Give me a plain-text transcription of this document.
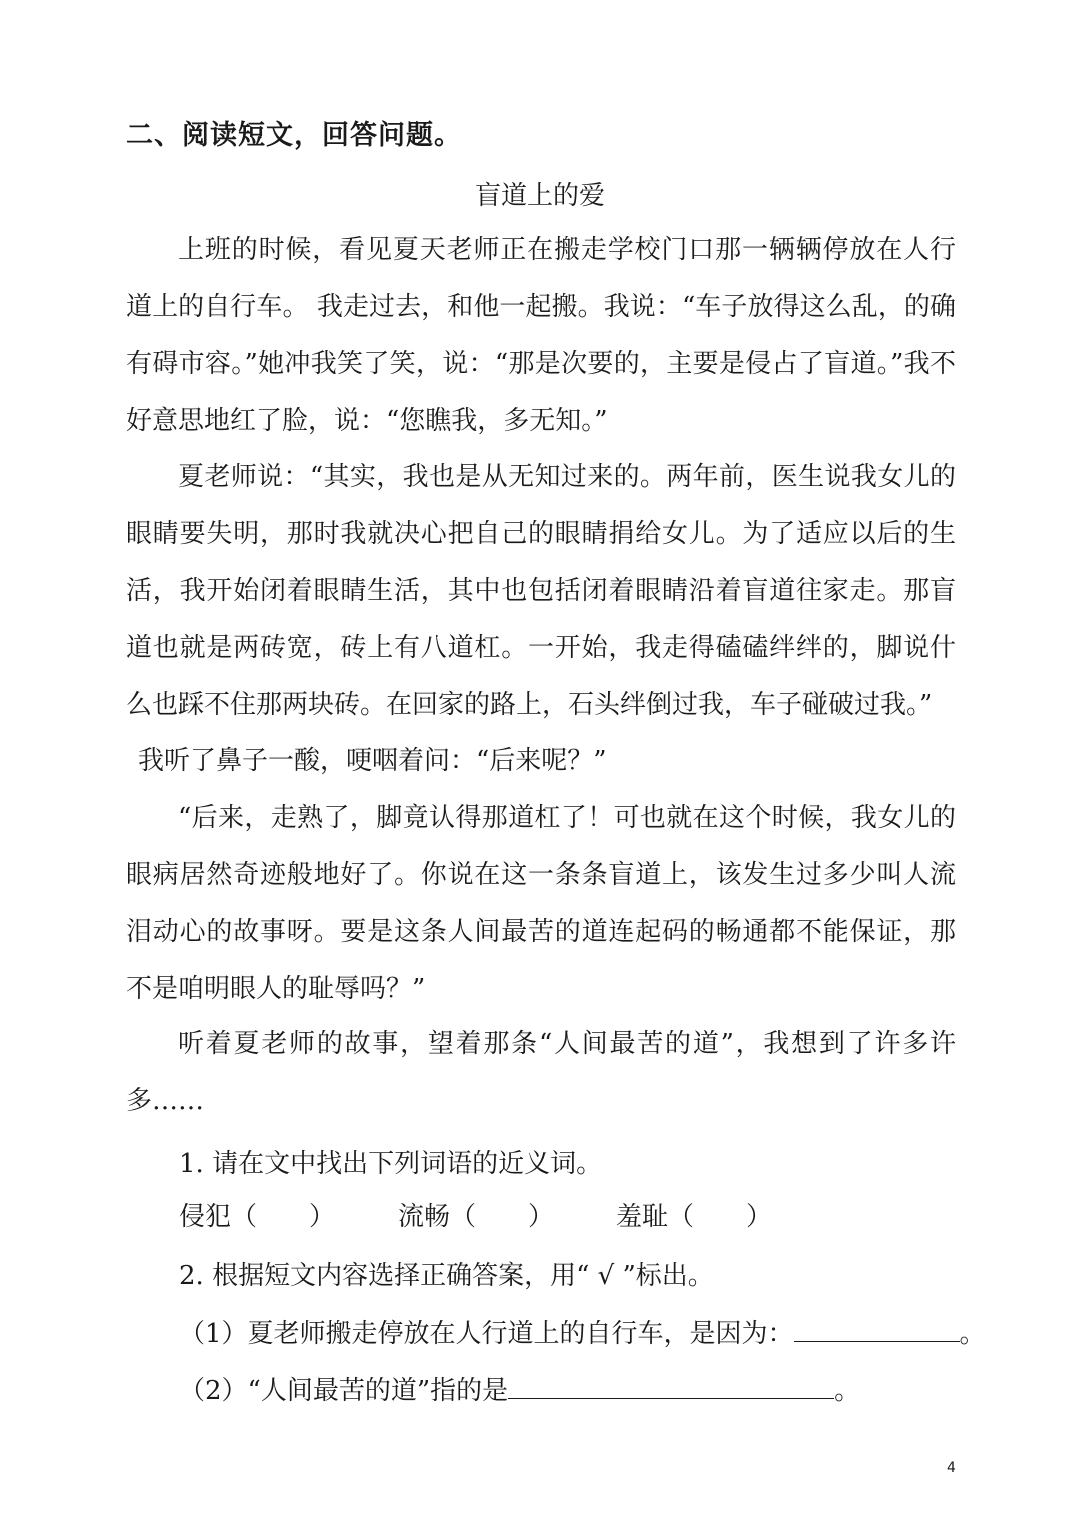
二、阅读短文，回答问题。
盲道上的爱
上班的时候，看见夏天老师正在搬走学校门口那一辆辆停放在人行道上的自行车。 我走过去，和他一起搬。我说：“车子放得这么乱，的确有碍市容。”她冲我笑了笑，说：“那是次要的，主要是侵占了盲道。”我不好意思地红了脸，说：“您瞧我，多无知。”
夏老师说：“其实，我也是从无知过来的。两年前，医生说我女儿的眼睛要失明，那时我就决心把自己的眼睛捐给女儿。为了适应以后的生活，我开始闭着眼睛生活，其中也包括闭着眼睛沿着盲道往家走。那盲道也就是两砖宽，砖上有八道杠。一开始，我走得磕磕绊绊的，脚说什么也踩不住那两块砖。在回家的路上，石头绊倒过我，车子碰破过我。”
我听了鼻子一酸，哽咽着问：“后来呢？”
“后来，走熟了，脚竟认得那道杠了！可也就在这个时候，我女儿的眼病居然奇迹般地好了。你说在这一条条盲道上，该发生过多少叫人流泪动心的故事呀。要是这条人间最苦的道连起码的畅通都不能保证，那不是咱明眼人的耻辱吗？”
听着夏老师的故事，望着那条“人间最苦的道”，我想到了许多许多……
1. 请在文中找出下列词语的近义词。
侵犯（　　） 流畅（　　） 羞耻（　　）
2. 根据短文内容选择正确答案，用“ √ ”标出。
（1）夏老师搬走停放在人行道上的自行车，是因为：	。
（2）“人间最苦的道”指的是	。
4
